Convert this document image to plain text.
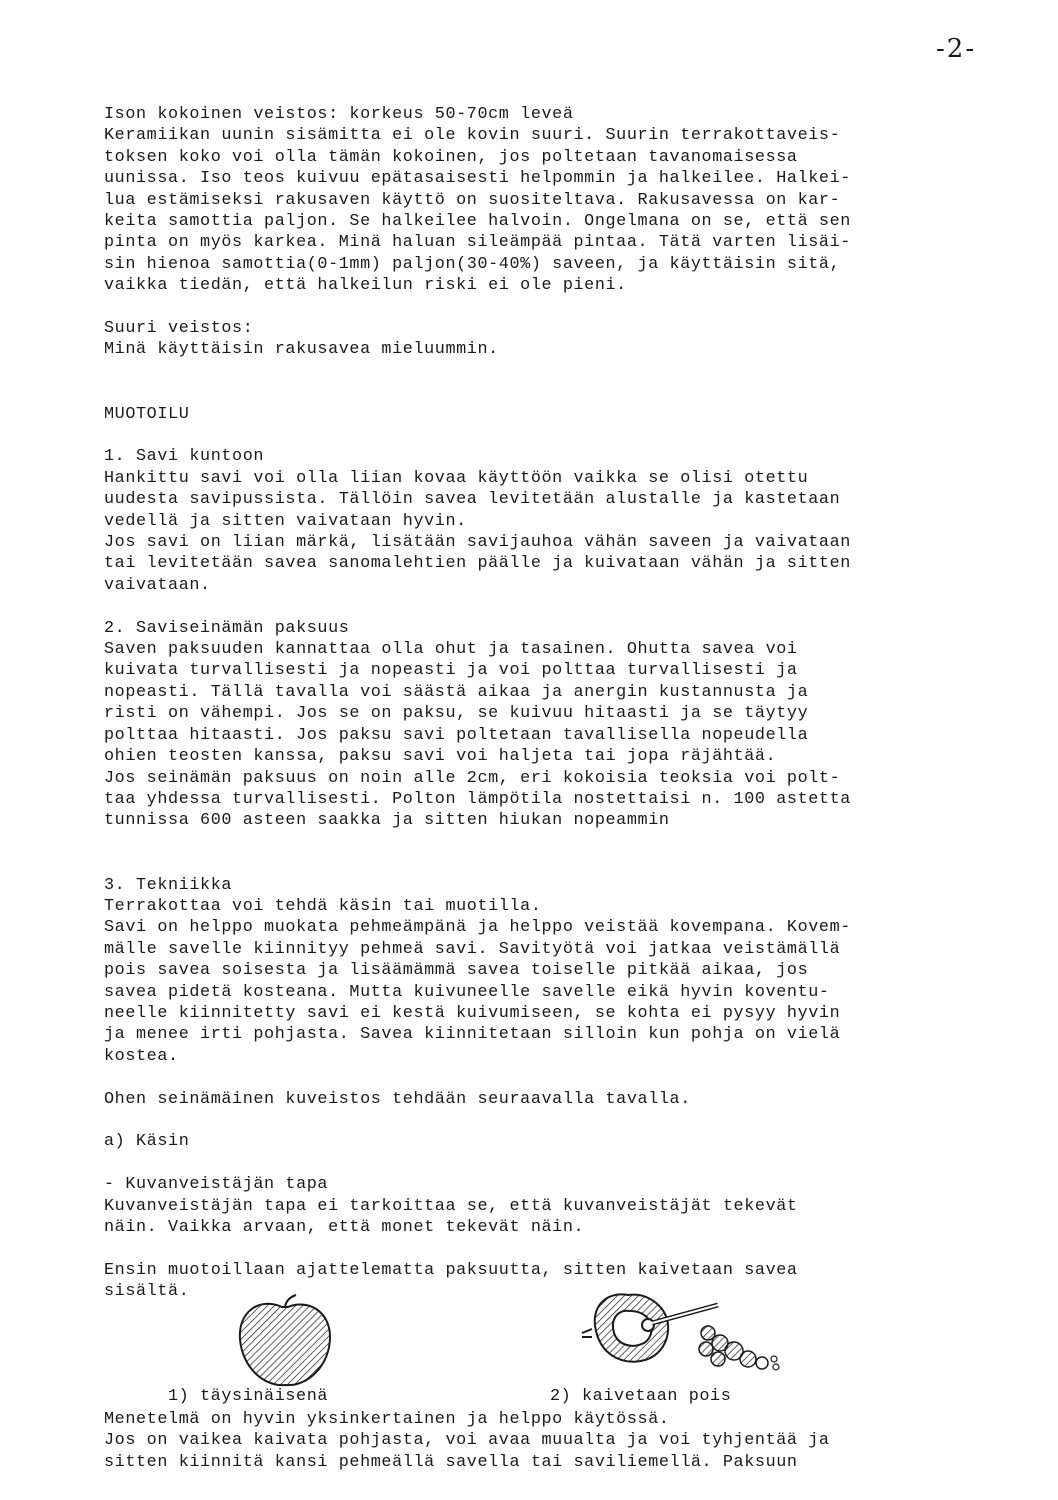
-2-
Ison kokoinen veistos: korkeus 50-70cm leveä
Keramiikan uunin sisämitta ei ole kovin suuri. Suurin terrakottaveis-
toksen koko voi olla tämän kokoinen, jos poltetaan tavanomaisessa
uunissa. Iso teos kuivuu epätasaisesti helpommin ja halkeilee. Halkei-
lua estämiseksi rakusaven käyttö on suositeltava. Rakusavessa on kar-
keita samottia paljon. Se halkeilee halvoin. Ongelmana on se, että sen
pinta on myös karkea. Minä haluan sileämpää pintaa. Tätä varten lisäi-
sin hienoa samottia(0-1mm) paljon(30-40%) saveen, ja käyttäisin sitä,
vaikka tiedän, että halkeilun riski ei ole pieni.
Suuri veistos:
Minä käyttäisin rakusavea mieluummin.
MUOTOILU
1. Savi kuntoon
Hankittu savi voi olla liian kovaa käyttöön vaikka se olisi otettu
uudesta savipussista. Tällöin savea levitetään alustalle ja kastetaan
vedellä ja sitten vaivataan hyvin.
Jos savi on liian märkä, lisätään savijauhoa vähän saveen ja vaivataan
tai levitetään savea sanomalehtien päälle ja kuivataan vähän ja sitten
vaivataan.
2. Saviseinämän paksuus
Saven paksuuden kannattaa olla ohut ja tasainen. Ohutta savea voi
kuivata turvallisesti ja nopeasti ja voi polttaa turvallisesti ja
nopeasti. Tällä tavalla voi säästä aikaa ja anergin kustannusta ja
risti on vähempi. Jos se on paksu, se kuivuu hitaasti ja se täytyy
polttaa hitaasti. Jos paksu savi poltetaan tavallisella nopeudella
ohien teosten kanssa, paksu savi voi haljeta tai jopa räjähtää.
Jos seinämän paksuus on noin alle 2cm, eri kokoisia teoksia voi polt-
taa yhdessa turvallisesti. Polton lämpötila nostettaisi n. 100 astetta
tunnissa 600 asteen saakka ja sitten hiukan nopeammin
3. Tekniikka
Terrakottaa voi tehdä käsin tai muotilla.
Savi on helppo muokata pehmeämpänä ja helppo veistää kovempana. Kovem-
mälle savelle kiinnityy pehmeä savi. Savityötä voi jatkaa veistämällä
pois savea soisesta ja lisäämämmä savea toiselle pitkää aikaa, jos
savea pidetä kosteana. Mutta kuivuneelle savelle eikä hyvin koventu-
neelle kiinnitetty savi ei kestä kuivumiseen, se kohta ei pysyy hyvin
ja menee irti pohjasta. Savea kiinnitetaan silloin kun pohja on vielä
kostea.
Ohen seinämäinen kuveistos tehdään seuraavalla tavalla.
a) Käsin
- Kuvanveistäjän tapa
Kuvanveistäjän tapa ei tarkoittaa se, että kuvanveistäjät tekevät
näin. Vaikka arvaan, että monet tekevät näin.
Ensin muotoillaan ajattelematta paksuutta, sitten kaivetaan savea
sisältä.
1) täysinäisenä	2) kaivetaan pois
Menetelmä on hyvin yksinkertainen ja helppo käytössä.
Jos on vaikea kaivata pohjasta, voi avaa muualta ja voi tyhjentää ja
sitten kiinnitä kansi pehmeällä savella tai saviliemellä. Paksuun
